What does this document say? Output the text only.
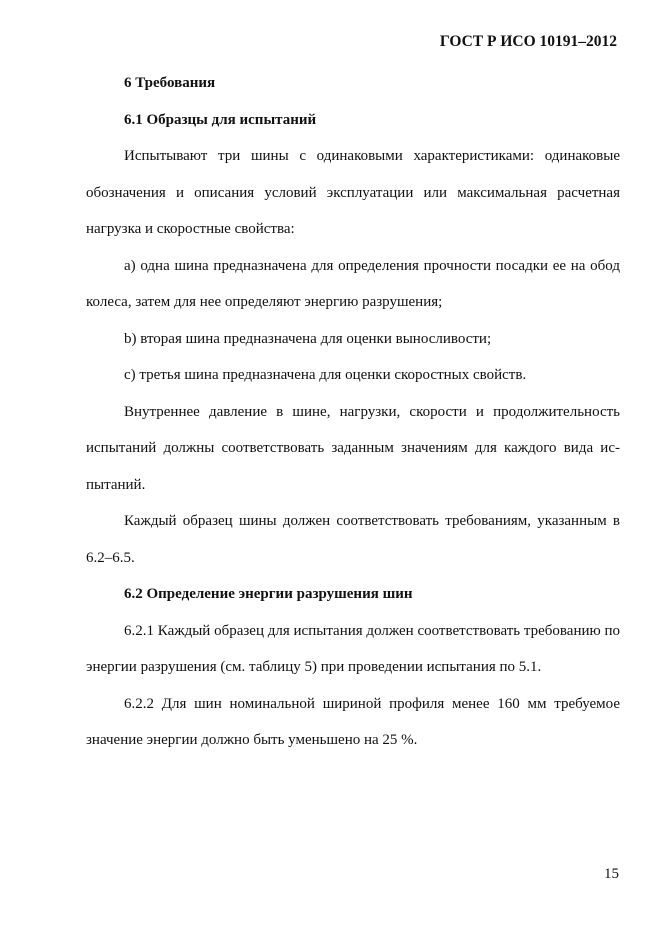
ГОСТ Р ИСО 10191–2012

6 Требования

6.1 Образцы для испытаний

Испытывают три шины с одинаковыми характеристиками: одинаковые обозначения и описания условий эксплуатации или максимальная расчетная нагрузка и скоростные свойства:

а) одна шина предназначена для определения прочности посадки ее на обод колеса, затем для нее определяют энергию разрушения;

b) вторая шина предназначена для оценки выносливости;

с) третья шина предназначена для оценки скоростных свойств.

Внутреннее давление в шине, нагрузки, скорости и продолжительность испытаний должны соответствовать заданным значениям для каждого вида ис-пытаний.

Каждый образец шины должен соответствовать требованиям, указанным в 6.2–6.5.

6.2 Определение энергии разрушения шин

6.2.1 Каждый образец для испытания должен соответствовать требованию по энергии разрушения (см. таблицу 5) при проведении испытания по 5.1.

6.2.2 Для шин номинальной шириной профиля менее 160 мм требуемое значение энергии должно быть уменьшено на 25 %.

15
